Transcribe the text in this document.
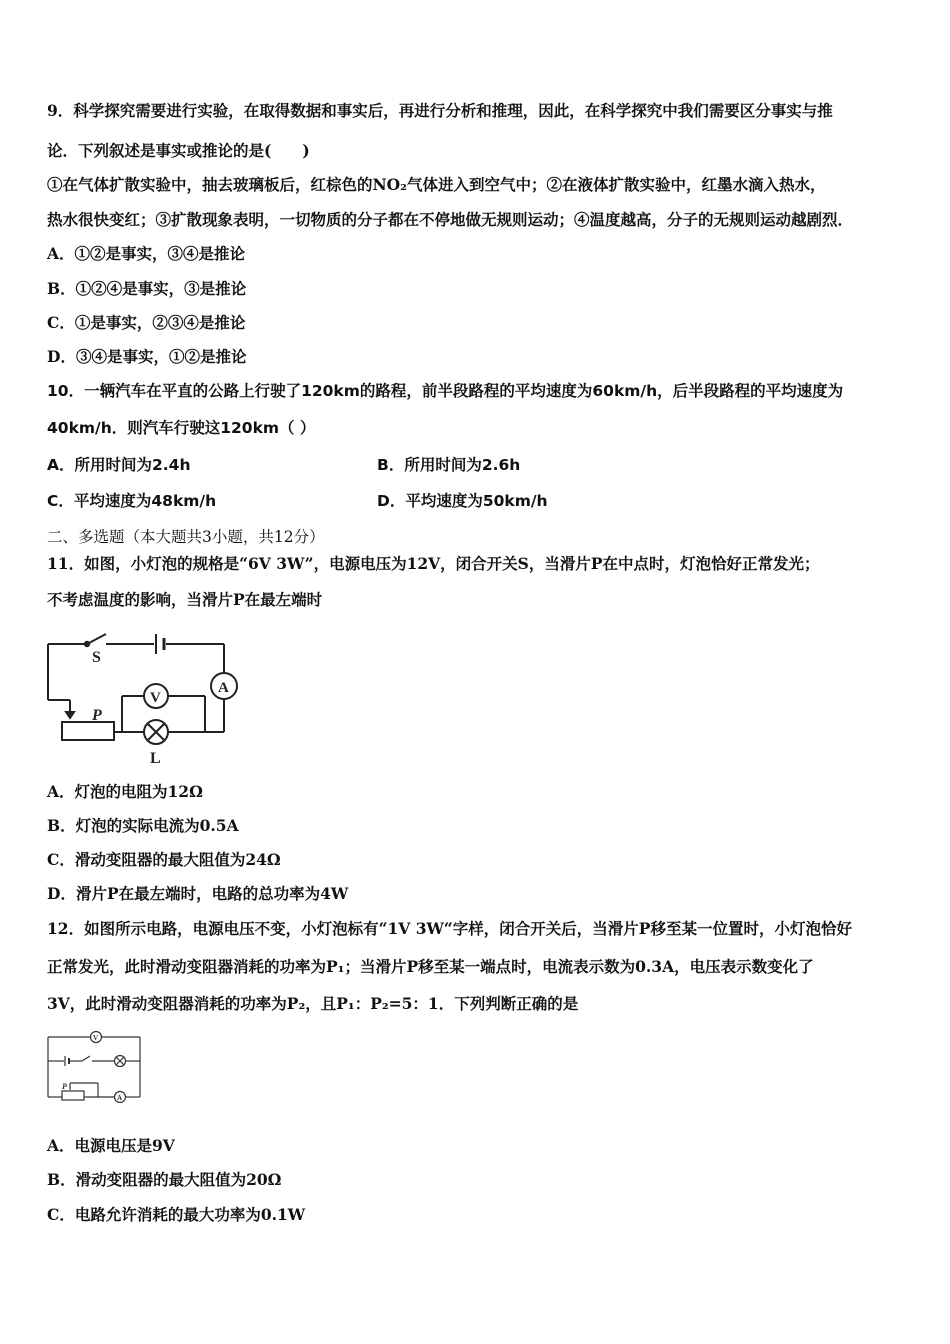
9．科学探究需要进行实验，在取得数据和事实后，再进行分析和推理，因此，在科学探究中我们需要区分事实与推
论．下列叙述是事实或推论的是(　　)
①在气体扩散实验中，抽去玻璃板后，红棕色的NO₂气体进入到空气中；②在液体扩散实验中，红墨水滴入热水，
热水很快变红；③扩散现象表明，一切物质的分子都在不停地做无规则运动；④温度越高，分子的无规则运动越剧烈．
A．①②是事实，③④是推论
B．①②④是事实，③是推论
C．①是事实，②③④是推论
D．③④是事实，①②是推论
10．一辆汽车在平直的公路上行驶了120km的路程，前半段路程的平均速度为60km/h，后半段路程的平均速度为
40km/h．则汽车行驶这120km（ ）
A．所用时间为2.4h	B．所用时间为2.6h
C．平均速度为48km/h	D．平均速度为50km/h
二、多选题（本大题共3小题，共12分）
11．如图，小灯泡的规格是“6V 3W”，电源电压为12V，闭合开关S，当滑片P在中点时，灯泡恰好正常发光；
不考虑温度的影响，当滑片P在最左端时
S
P
V
A
L
A．灯泡的电阻为12Ω
B．灯泡的实际电流为0.5A
C．滑动变阻器的最大阻值为24Ω
D．滑片P在最左端时，电路的总功率为4W
12．如图所示电路，电源电压不变，小灯泡标有“1V 3W“字样，闭合开关后，当滑片P移至某一位置时，小灯泡恰好
正常发光，此时滑动变阻器消耗的功率为P₁；当滑片P移至某一端点时，电流表示数为0.3A，电压表示数变化了
3V，此时滑动变阻器消耗的功率为P₂，且P₁：P₂=5：1．下列判断正确的是
V
A
P
A．电源电压是9V
B．滑动变阻器的最大阻值为20Ω
C．电路允许消耗的最大功率为0.1W
